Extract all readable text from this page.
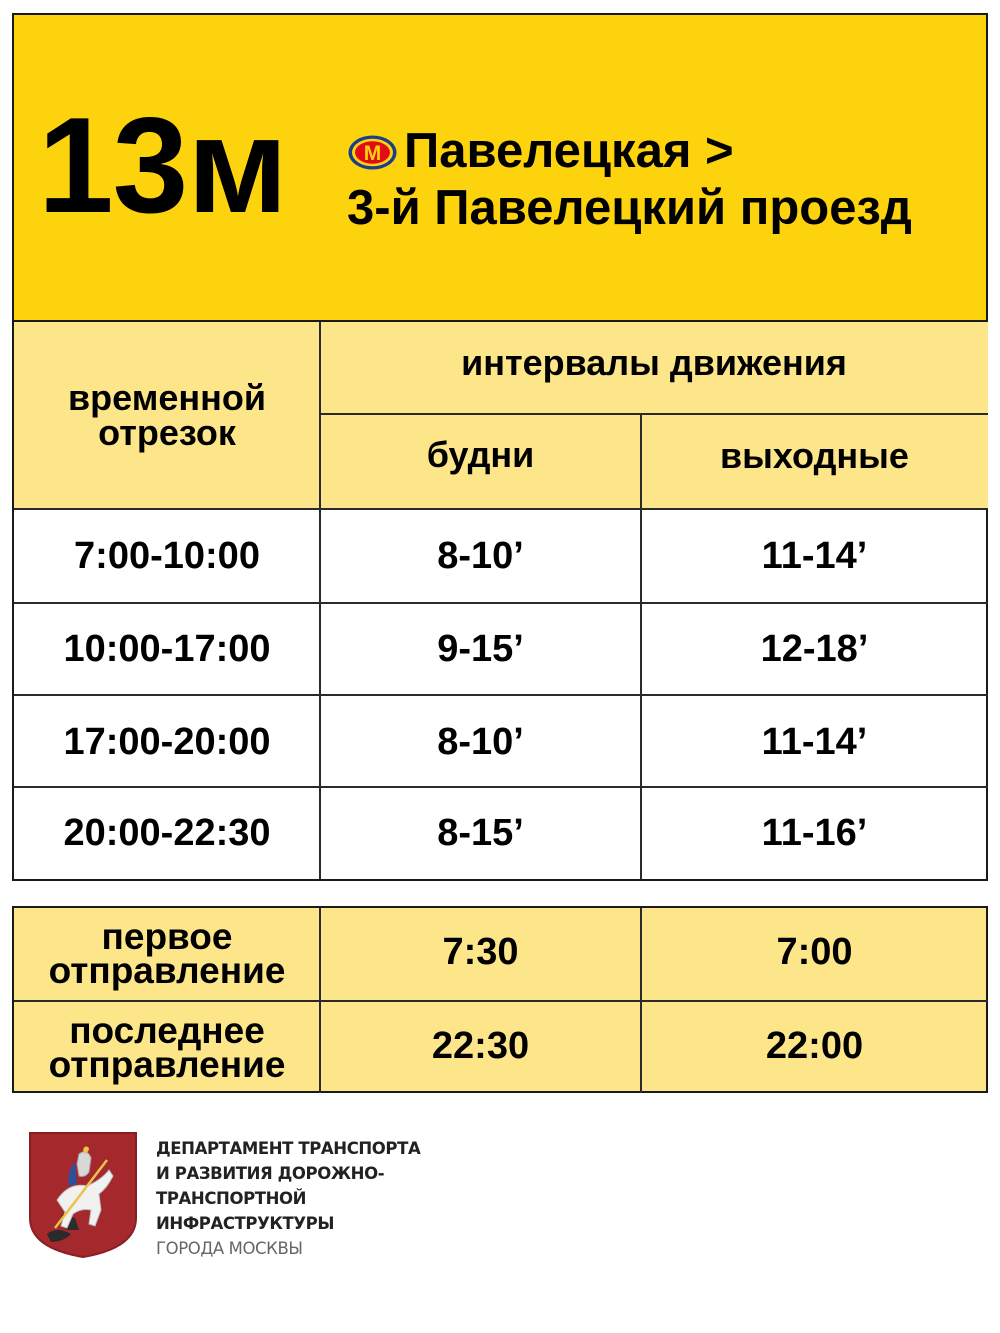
13м	М Павелецкая >
3-й Павелецкий проезд
временной отрезок
интервалы движения
будни	выходные
7:00-10:00	8-10’	11-14’
10:00-17:00	9-15’	12-18’
17:00-20:00	8-10’	11-14’
20:00-22:30	8-15’	11-16’
первое отправление	7:30	7:00
последнее отправление	22:30	22:00
ДЕПАРТАМЕНТ ТРАНСПОРТА
И РАЗВИТИЯ ДОРОЖНО-
ТРАНСПОРТНОЙ
ИНФРАСТРУКТУРЫ
ГОРОДА МОСКВЫ
